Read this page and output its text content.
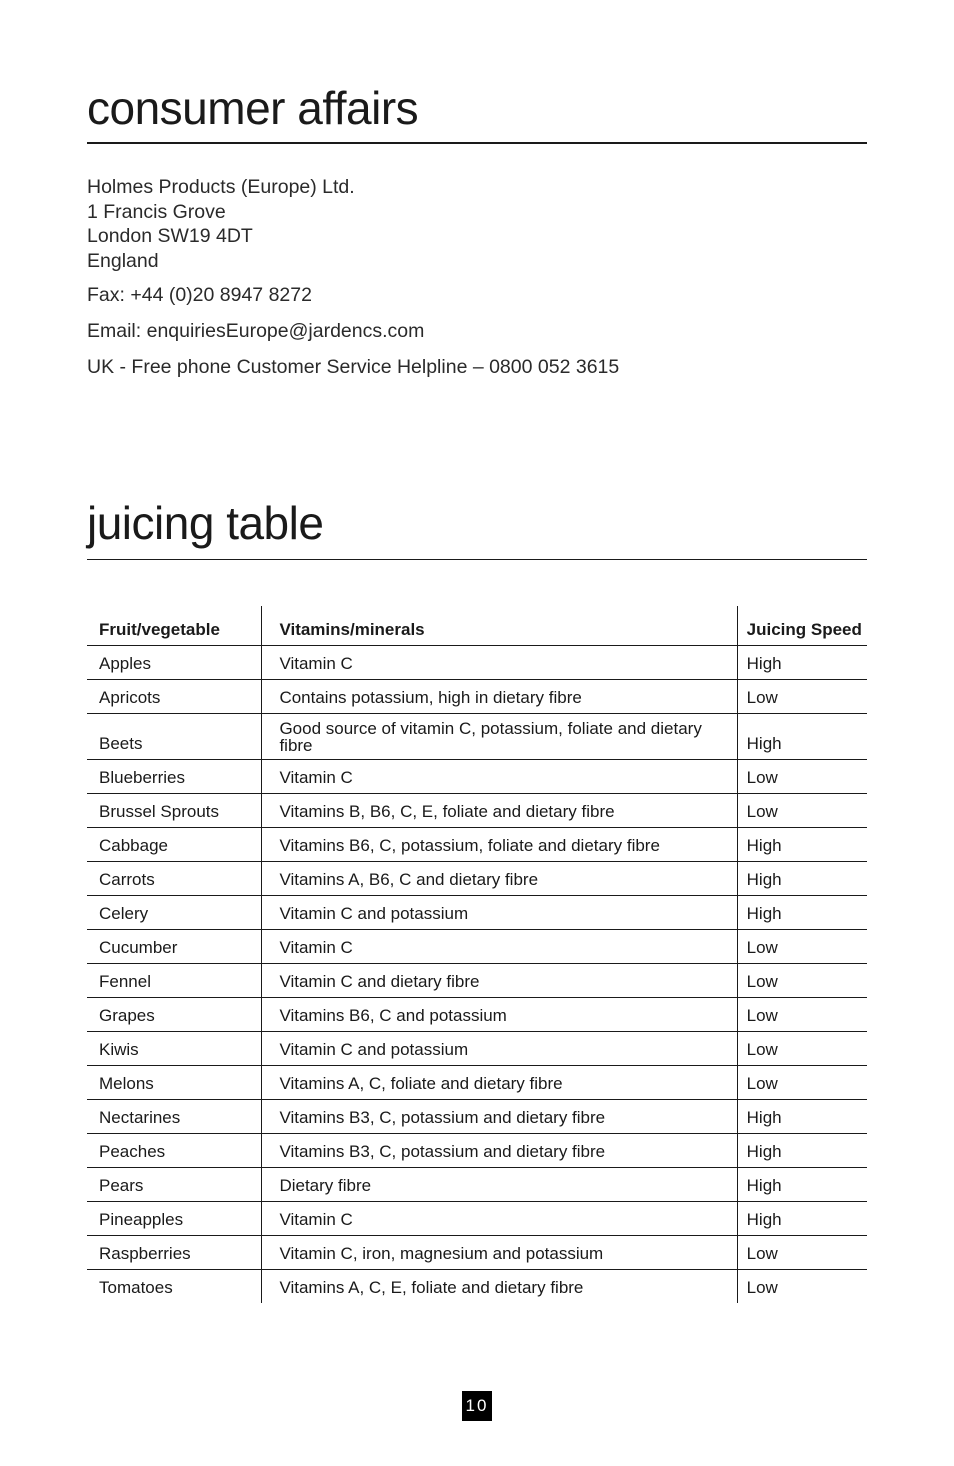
consumer affairs
Holmes Products (Europe) Ltd.
1 Francis Grove
London SW19 4DT
England
Fax: +44 (0)20 8947 8272
Email: enquiriesEurope@jardencs.com
UK - Free phone Customer Service Helpline – 0800 052 3615
juicing table
Fruit/vegetable	Vitamins/minerals	Juicing Speed
Apples	Vitamin C	High
Apricots	Contains potassium, high in dietary fibre	Low
Beets	Good source of vitamin C, potassium, foliate and dietary fibre	High
Blueberries	Vitamin C	Low
Brussel Sprouts	Vitamins B, B6, C, E, foliate and dietary fibre	Low
Cabbage	Vitamins B6, C, potassium, foliate and dietary fibre	High
Carrots	Vitamins A, B6, C and dietary fibre	High
Celery	Vitamin C and potassium	High
Cucumber	Vitamin C	Low
Fennel	Vitamin C and dietary fibre	Low
Grapes	Vitamins B6, C and potassium	Low
Kiwis	Vitamin C and potassium	Low
Melons	Vitamins A, C, foliate and dietary fibre	Low
Nectarines	Vitamins B3, C, potassium and dietary fibre	High
Peaches	Vitamins B3, C, potassium and dietary fibre	High
Pears	Dietary fibre	High
Pineapples	Vitamin C	High
Raspberries	Vitamin C, iron, magnesium and potassium	Low
Tomatoes	Vitamins A, C, E, foliate and dietary fibre	Low
10
